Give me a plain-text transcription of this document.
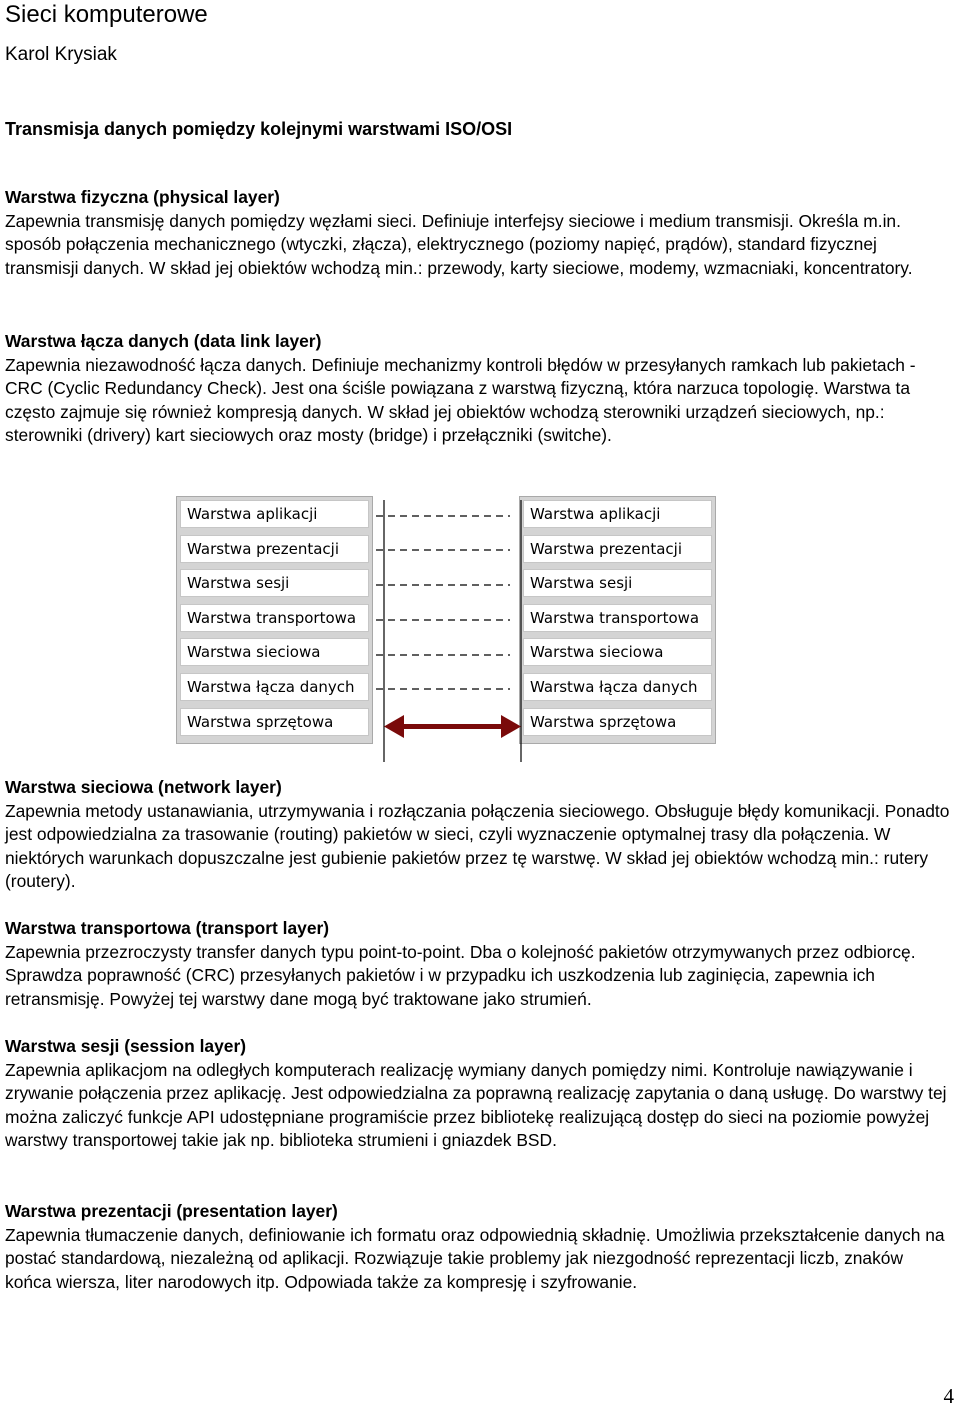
Sieci komputerowe
Karol Krysiak
Transmisja danych pomiędzy kolejnymi warstwami ISO/OSI

Warstwa fizyczna (physical layer)

Zapewnia transmisję danych pomiędzy węzłami sieci. Definiuje interfejsy sieciowe i medium transmisji. Określa m.in. sposób połączenia mechanicznego (wtyczki, złącza), elektrycznego (poziomy napięć, prądów), standard fizycznej transmisji danych. W skład jej obiektów wchodzą min.: przewody, karty sieciowe, modemy, wzmacniaki, koncentratory.

Warstwa łącza danych (data link layer)

Zapewnia niezawodność łącza danych. Definiuje mechanizmy kontroli błędów w przesyłanych ramkach lub pakietach - CRC (Cyclic Redundancy Check). Jest ona ściśle powiązana z warstwą fizyczną, która narzuca topologię. Warstwa ta często zajmuje się również kompresją danych. W skład jej obiektów wchodzą sterowniki urządzeń sieciowych, np.: sterowniki (drivery) kart sieciowych oraz mosty (bridge) i przełączniki (switche).

Warstwa aplikacji
Warstwa prezentacji
Warstwa sesji
Warstwa transportowa
Warstwa sieciowa
Warstwa łącza danych
Warstwa sprzętowa
Warstwa aplikacji
Warstwa prezentacji
Warstwa sesji
Warstwa transportowa
Warstwa sieciowa
Warstwa łącza danych
Warstwa sprzętowa

Warstwa sieciowa (network layer)

Zapewnia metody ustanawiania, utrzymywania i rozłączania połączenia sieciowego. Obsługuje błędy komunikacji. Ponadto jest odpowiedzialna za trasowanie (routing) pakietów w sieci, czyli wyznaczenie optymalnej trasy dla połączenia. W niektórych warunkach dopuszczalne jest gubienie pakietów przez tę warstwę. W skład jej obiektów wchodzą min.: rutery (routery).

Warstwa transportowa (transport layer)

Zapewnia przezroczysty transfer danych typu point-to-point. Dba o kolejność pakietów otrzymywanych przez odbiorcę. Sprawdza poprawność (CRC) przesyłanych pakietów i w przypadku ich uszkodzenia lub zaginięcia, zapewnia ich retransmisję. Powyżej tej warstwy dane mogą być traktowane jako strumień.

Warstwa sesji (session layer)

Zapewnia aplikacjom na odległych komputerach realizację wymiany danych pomiędzy nimi. Kontroluje nawiązywanie i zrywanie połączenia przez aplikację. Jest odpowiedzialna za poprawną realizację zapytania o daną usługę. Do warstwy tej można zaliczyć funkcje API udostępniane programiście przez bibliotekę realizującą dostęp do sieci na poziomie powyżej warstwy transportowej takie jak np. biblioteka strumieni i gniazdek BSD.

Warstwa prezentacji (presentation layer)

Zapewnia tłumaczenie danych, definiowanie ich formatu oraz odpowiednią składnię. Umożliwia przekształcenie danych na postać standardową, niezależną od aplikacji. Rozwiązuje takie problemy jak niezgodność reprezentacji liczb, znaków końca wiersza, liter narodowych itp. Odpowiada także za kompresję i szyfrowanie.

4
